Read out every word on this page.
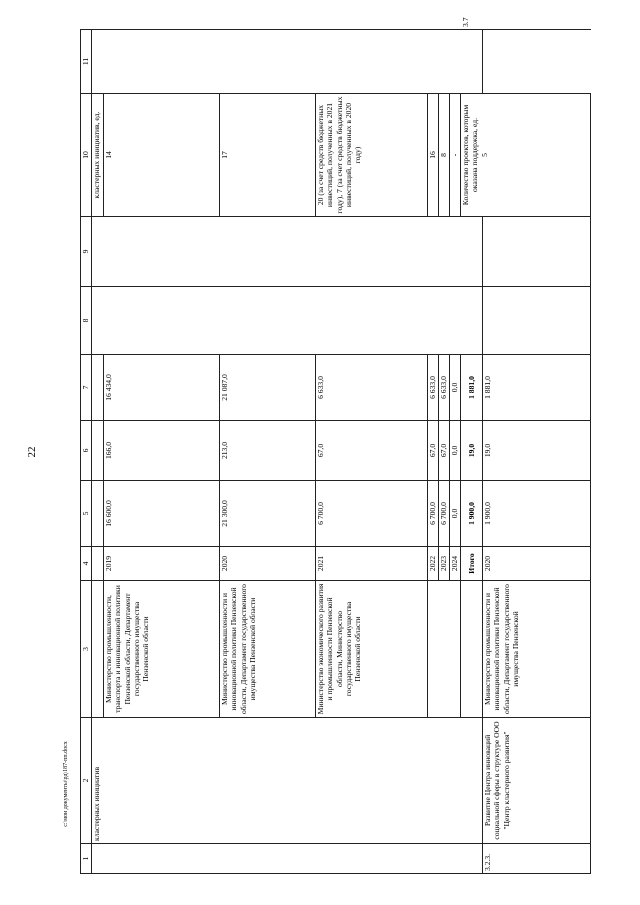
22
c:\мои документы\рд\187-пп.docx
1	2	3	4	5	6	7	8	9	10	11	
	кластерных инициатив								кластерных инициатив, ед.		
		Министерство промышленности, транспорта и инновационной политики Пензенской области, Департамент государственного имущества Пензенской области	2019	16 600,0	166,0	16 434,0			14		
		Министерство промышленности и инновационной политики Пензенской области, Департамент государственного имущества Пензенской области	2020	21 300,0	213,0	21 087,0			17		
		Министерство экономического развития и промышленности Пензенской области, Министерство государственного имущества Пензенской области	2021	6 700,0	67,0	6 633,0			20 (за счет средств бюджетных инвестиций, полученных в 2021 году), 7 (за счет средств бюджетных инвестиций, полученных в 2020 году)		
			2022	6 700,0	67,0	6 633,0			16		
			2023	6 700,0	67,0	6 633,0			8		
			2024	0,0	0,0	0,0			-		
			Итого	1 900,0	19,0	1 881,0			Количество проектов, которым оказана поддержка, ед. 5		3.7
3.2.3.	Развитие Центра инноваций социальной сферы в структуре ООО "Центр кластерного развития"	Министерство промышленности и инновационной политики Пензенской области, Департамент государственного имущества Пензенской	2020	1 900,0	19,0	1 881,0					
